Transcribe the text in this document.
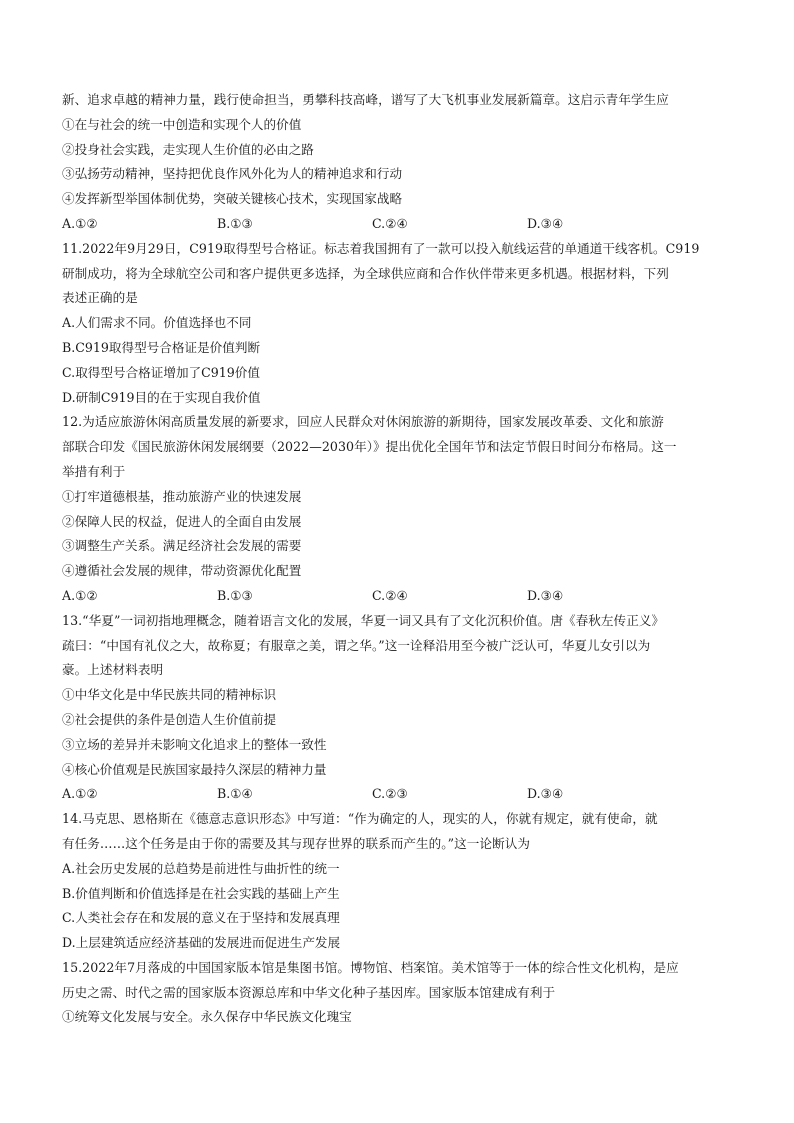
新、追求卓越的精神力量，践行使命担当，勇攀科技高峰，谱写了大飞机事业发展新篇章。这启示青年学生应
①在与社会的统一中创造和实现个人的价值
②投身社会实践，走实现人生价值的必由之路
③弘扬劳动精神，坚持把优良作风外化为人的精神追求和行动
④发挥新型举国体制优势，突破关键核心技术，实现国家战略
A.①②	B.①③	C.②④	D.③④
11.2022年9月29日，C919取得型号合格证。标志着我国拥有了一款可以投入航线运营的单通道干线客机。C919
研制成功，将为全球航空公司和客户提供更多选择，为全球供应商和合作伙伴带来更多机遇。根据材料，下列
表述正确的是
A.人们需求不同。价值选择也不同
B.C919取得型号合格证是价值判断
C.取得型号合格证增加了C919价值
D.研制C919目的在于实现自我价值
12.为适应旅游休闲高质量发展的新要求，回应人民群众对休闲旅游的新期待，国家发展改革委、文化和旅游
部联合印发《国民旅游休闲发展纲要（2022—2030年）》提出优化全国年节和法定节假日时间分布格局。这一
举措有利于
①打牢道德根基，推动旅游产业的快速发展
②保障人民的权益，促进人的全面自由发展
③调整生产关系。满足经济社会发展的需要
④遵循社会发展的规律，带动资源优化配置
A.①②	B.①③	C.②④	D.③④
13.“华夏”一词初指地理概念，随着语言文化的发展，华夏一词又具有了文化沉积价值。唐《春秋左传正义》
疏曰：“中国有礼仪之大，故称夏；有服章之美，谓之华。”这一诠释沿用至今被广泛认可，华夏儿女引以为
豪。上述材料表明
①中华文化是中华民族共同的精神标识
②社会提供的条件是创造人生价值前提
③立场的差异并未影响文化追求上的整体一致性
④核心价值观是民族国家最持久深层的精神力量
A.①②	B.①④	C.②③	D.③④
14.马克思、恩格斯在《德意志意识形态》中写道：“作为确定的人，现实的人，你就有规定，就有使命，就
有任务……这个任务是由于你的需要及其与现存世界的联系而产生的。”这一论断认为
A.社会历史发展的总趋势是前进性与曲折性的统一
B.价值判断和价值选择是在社会实践的基础上产生
C.人类社会存在和发展的意义在于坚持和发展真理
D.上层建筑适应经济基础的发展进而促进生产发展
15.2022年7月落成的中国国家版本馆是集图书馆。博物馆、档案馆。美术馆等于一体的综合性文化机构，是应
历史之需、时代之需的国家版本资源总库和中华文化种子基因库。国家版本馆建成有利于
①统筹文化发展与安全。永久保存中华民族文化瑰宝
